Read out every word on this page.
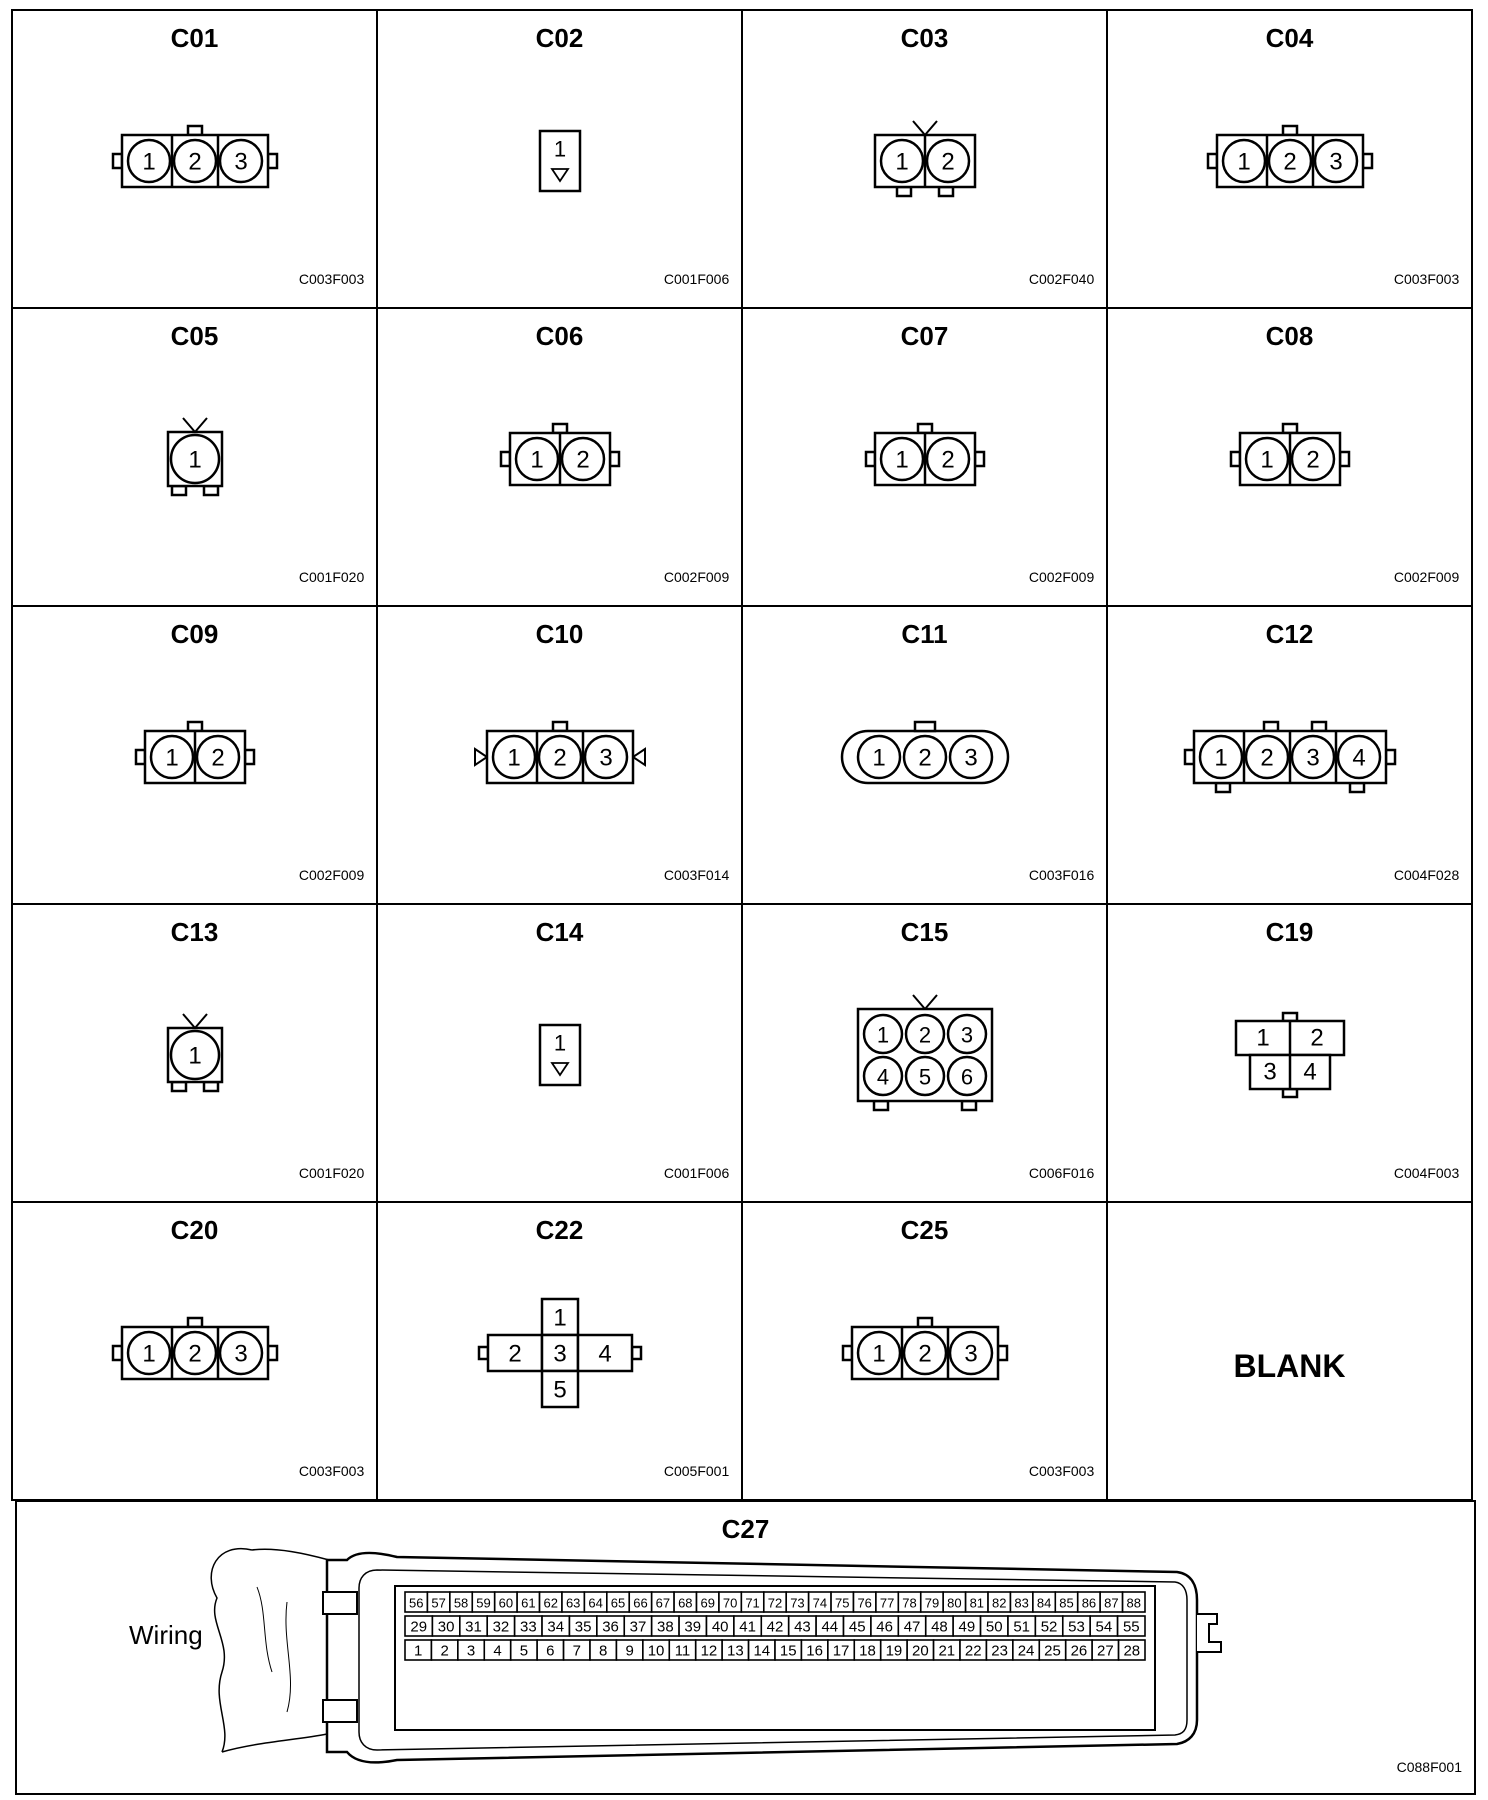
C01
C003F003
1 2 3
C02
C001F006
1
C03
C002F040
1 2
C04
C003F003
1 2 3
C05
C001F020
1
C06
C002F009
1 2
C07
C002F009
1 2
C08
C002F009
1 2
C09
C002F009
1 2
C10
C003F014
1 2 3
C11
C003F016
1 2 3
C12
C004F028
1 2 3 4
C13
C001F020
1
C14
C001F006
1
C15
C006F016
1 2 3
4 5 6
C19
C004F003
1 2
3 4
C20
C003F003
1 2 3
C22
C005F001
1
2 3 4
5
C25
C003F003
1 2 3	BLANK
C27
Wiring
56 57 58 59 60 61 62 63 64 65 66 67 68 69 70 71 72 73 74 75 76 77 78 79 80 81 82 83 84 85 86 87 88
29 30 31 32 33 34 35 36 37 38 39 40 41 42 43 44 45 46 47 48 49 50 51 52 53 54 55
1 2 3 4 5 6 7 8 9 10 11 12 13 14 15 16 17 18 19 20 21 22 23 24 25 26 27 28
C088F001
